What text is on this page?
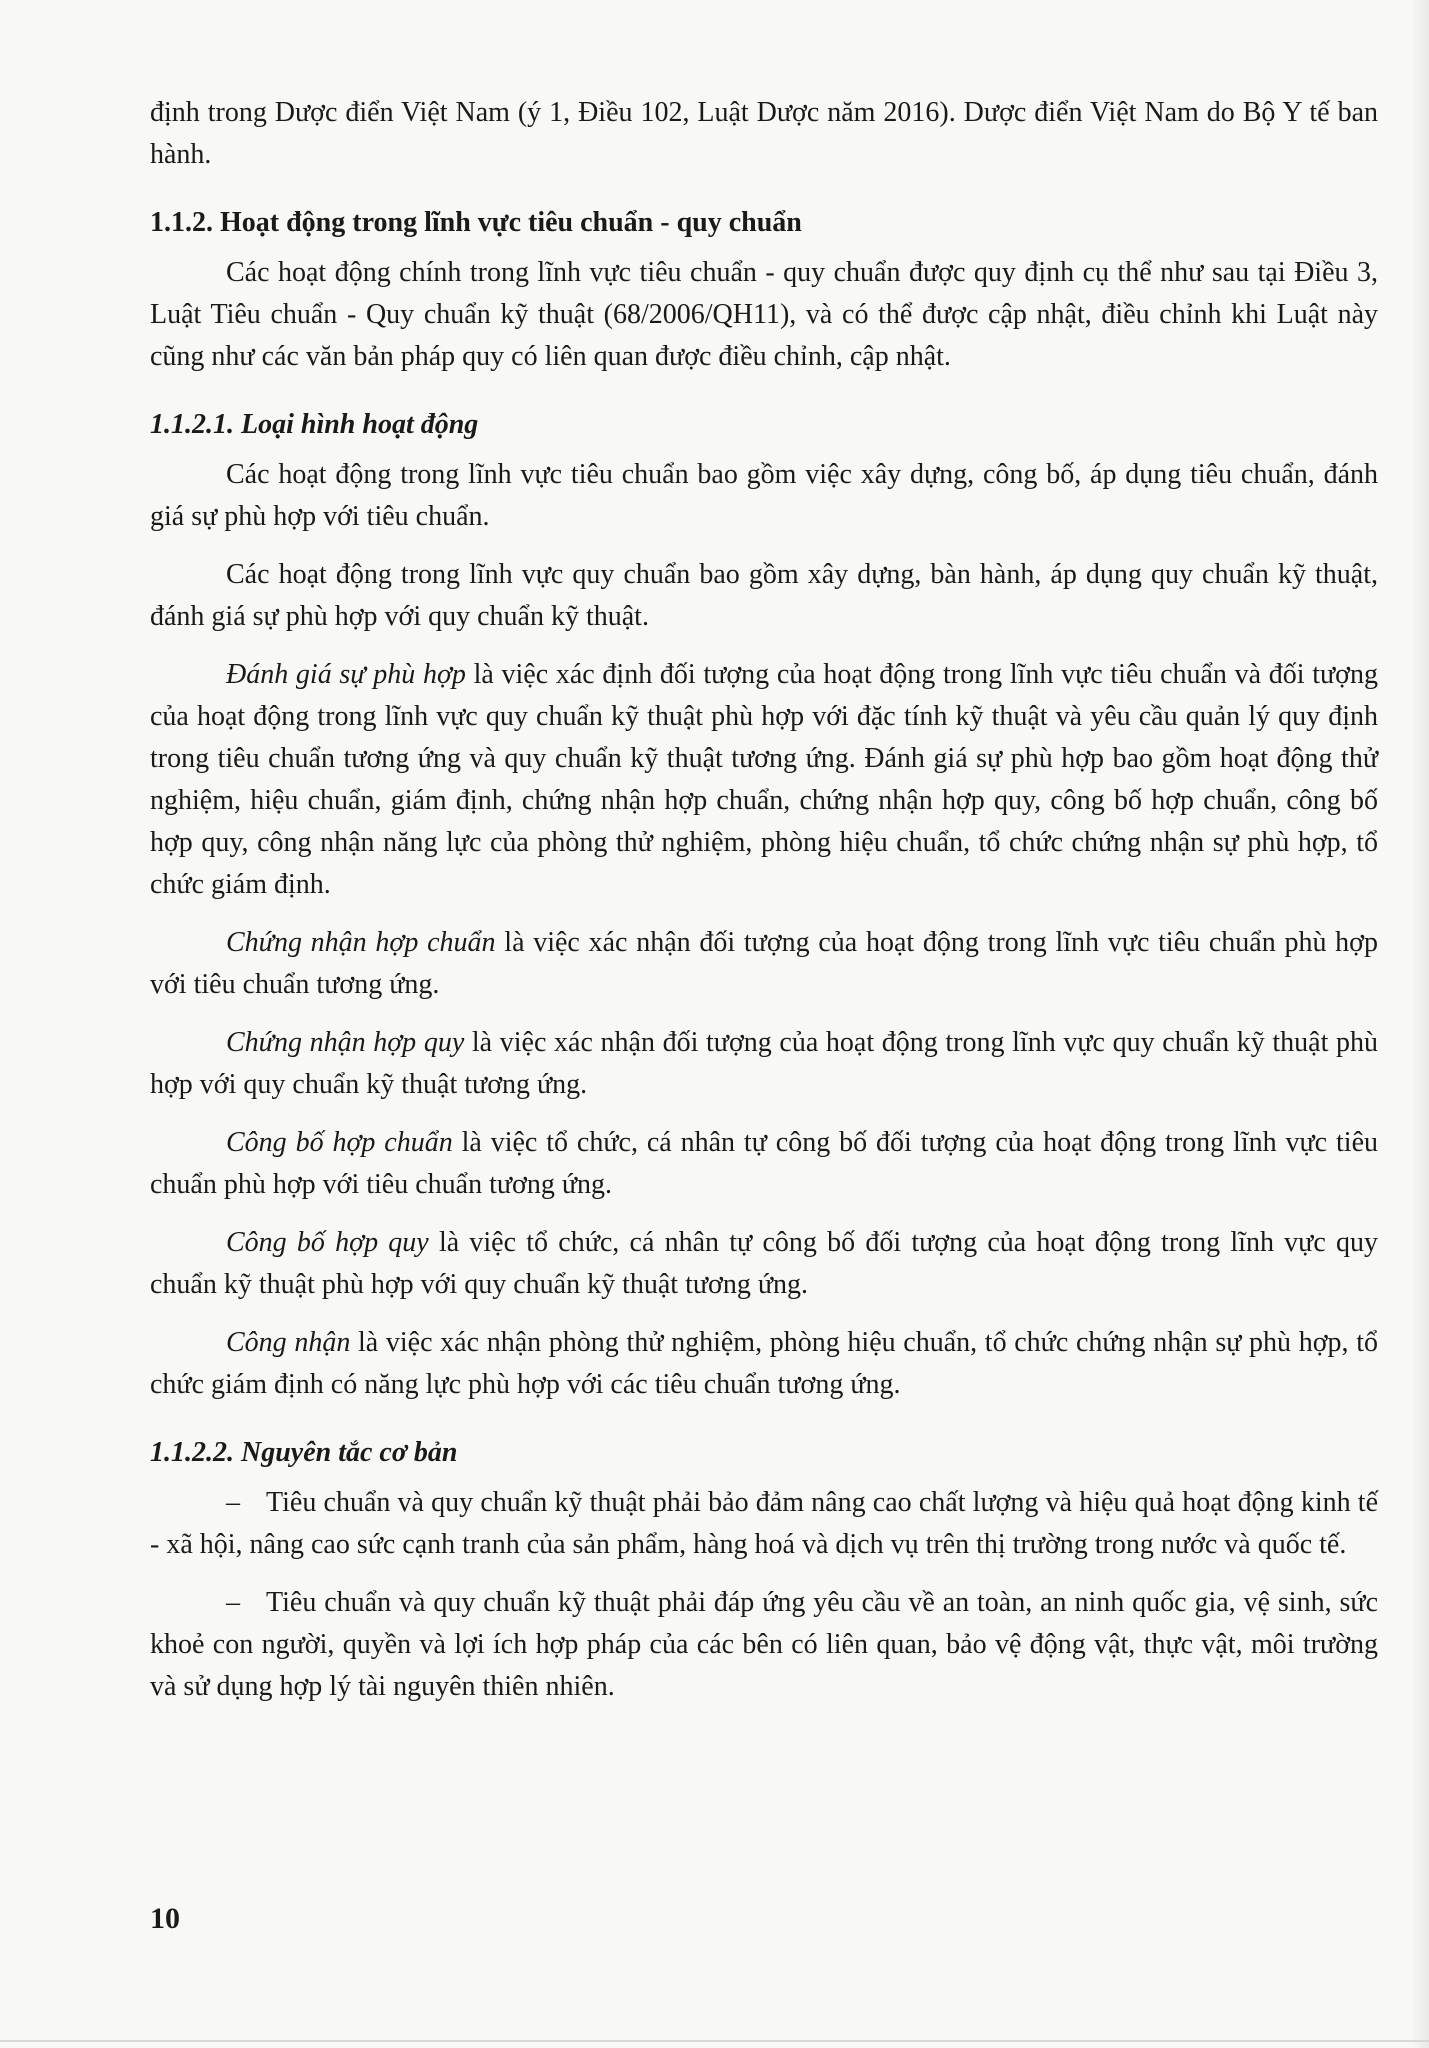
định trong Dược điển Việt Nam (ý 1, Điều 102, Luật Dược năm 2016). Dược điển Việt Nam do Bộ Y tế ban hành.

1.1.2. Hoạt động trong lĩnh vực tiêu chuẩn - quy chuẩn

Các hoạt động chính trong lĩnh vực tiêu chuẩn - quy chuẩn được quy định cụ thể như sau tại Điều 3, Luật Tiêu chuẩn - Quy chuẩn kỹ thuật (68/2006/QH11), và có thể được cập nhật, điều chỉnh khi Luật này cũng như các văn bản pháp quy có liên quan được điều chỉnh, cập nhật.

1.1.2.1. Loại hình hoạt động

Các hoạt động trong lĩnh vực tiêu chuẩn bao gồm việc xây dựng, công bố, áp dụng tiêu chuẩn, đánh giá sự phù hợp với tiêu chuẩn.

Các hoạt động trong lĩnh vực quy chuẩn bao gồm xây dựng, bàn hành, áp dụng quy chuẩn kỹ thuật, đánh giá sự phù hợp với quy chuẩn kỹ thuật.

Đánh giá sự phù hợp là việc xác định đối tượng của hoạt động trong lĩnh vực tiêu chuẩn và đối tượng của hoạt động trong lĩnh vực quy chuẩn kỹ thuật phù hợp với đặc tính kỹ thuật và yêu cầu quản lý quy định trong tiêu chuẩn tương ứng và quy chuẩn kỹ thuật tương ứng. Đánh giá sự phù hợp bao gồm hoạt động thử nghiệm, hiệu chuẩn, giám định, chứng nhận hợp chuẩn, chứng nhận hợp quy, công bố hợp chuẩn, công bố hợp quy, công nhận năng lực của phòng thử nghiệm, phòng hiệu chuẩn, tổ chức chứng nhận sự phù hợp, tổ chức giám định.

Chứng nhận hợp chuẩn là việc xác nhận đối tượng của hoạt động trong lĩnh vực tiêu chuẩn phù hợp với tiêu chuẩn tương ứng.

Chứng nhận hợp quy là việc xác nhận đối tượng của hoạt động trong lĩnh vực quy chuẩn kỹ thuật phù hợp với quy chuẩn kỹ thuật tương ứng.

Công bố hợp chuẩn là việc tổ chức, cá nhân tự công bố đối tượng của hoạt động trong lĩnh vực tiêu chuẩn phù hợp với tiêu chuẩn tương ứng.

Công bố hợp quy là việc tổ chức, cá nhân tự công bố đối tượng của hoạt động trong lĩnh vực quy chuẩn kỹ thuật phù hợp với quy chuẩn kỹ thuật tương ứng.

Công nhận là việc xác nhận phòng thử nghiệm, phòng hiệu chuẩn, tổ chức chứng nhận sự phù hợp, tổ chức giám định có năng lực phù hợp với các tiêu chuẩn tương ứng.

1.1.2.2. Nguyên tắc cơ bản

– Tiêu chuẩn và quy chuẩn kỹ thuật phải bảo đảm nâng cao chất lượng và hiệu quả hoạt động kinh tế - xã hội, nâng cao sức cạnh tranh của sản phẩm, hàng hoá và dịch vụ trên thị trường trong nước và quốc tế.

– Tiêu chuẩn và quy chuẩn kỹ thuật phải đáp ứng yêu cầu về an toàn, an ninh quốc gia, vệ sinh, sức khoẻ con người, quyền và lợi ích hợp pháp của các bên có liên quan, bảo vệ động vật, thực vật, môi trường và sử dụng hợp lý tài nguyên thiên nhiên.

10
